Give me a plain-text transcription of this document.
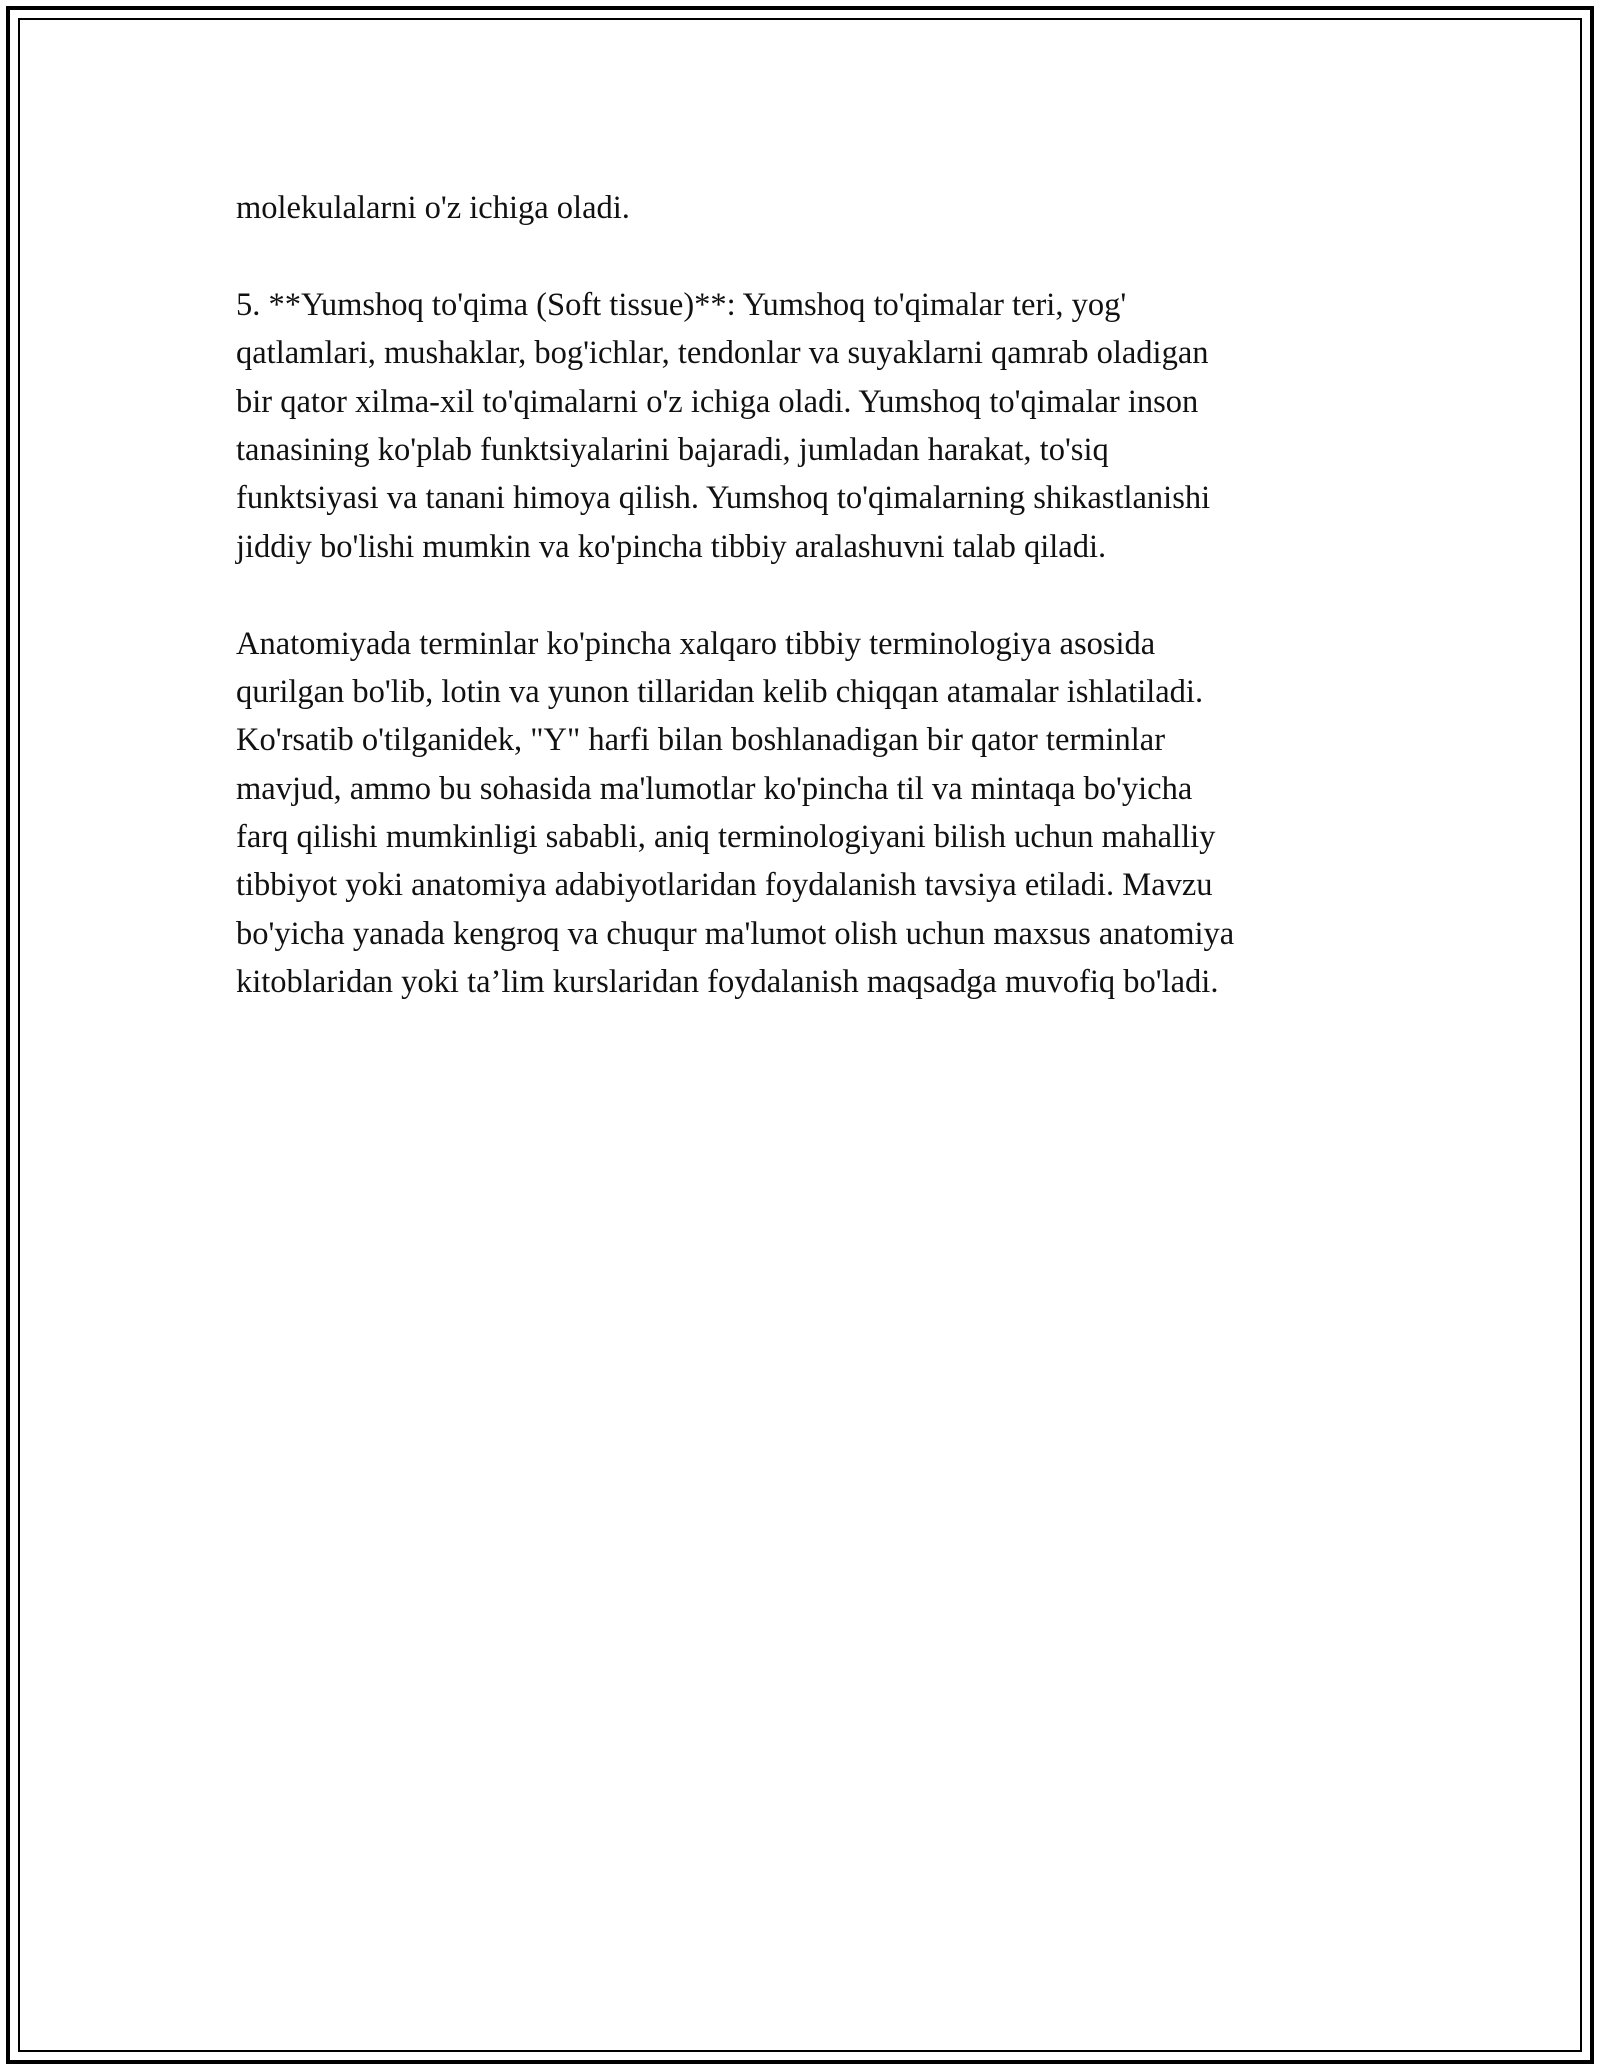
molekulalarni o'z ichiga oladi.
5. **Yumshoq to'qima (Soft tissue)**: Yumshoq to'qimalar teri, yog'
qatlamlari, mushaklar, bog'ichlar, tendonlar va suyaklarni qamrab oladigan
bir qator xilma-xil to'qimalarni o'z ichiga oladi. Yumshoq to'qimalar inson
tanasining ko'plab funktsiyalarini bajaradi, jumladan harakat, to'siq
funktsiyasi va tanani himoya qilish. Yumshoq to'qimalarning shikastlanishi
jiddiy bo'lishi mumkin va ko'pincha tibbiy aralashuvni talab qiladi.
Anatomiyada terminlar ko'pincha xalqaro tibbiy terminologiya asosida
qurilgan bo'lib, lotin va yunon tillaridan kelib chiqqan atamalar ishlatiladi.
Ko'rsatib o'tilganidek, "Y" harfi bilan boshlanadigan bir qator terminlar
mavjud, ammo bu sohasida ma'lumotlar ko'pincha til va mintaqa bo'yicha
farq qilishi mumkinligi sababli, aniq terminologiyani bilish uchun mahalliy
tibbiyot yoki anatomiya adabiyotlaridan foydalanish tavsiya etiladi. Mavzu
bo'yicha yanada kengroq va chuqur ma'lumot olish uchun maxsus anatomiya
kitoblaridan yoki ta’lim kurslaridan foydalanish maqsadga muvofiq bo'ladi.
